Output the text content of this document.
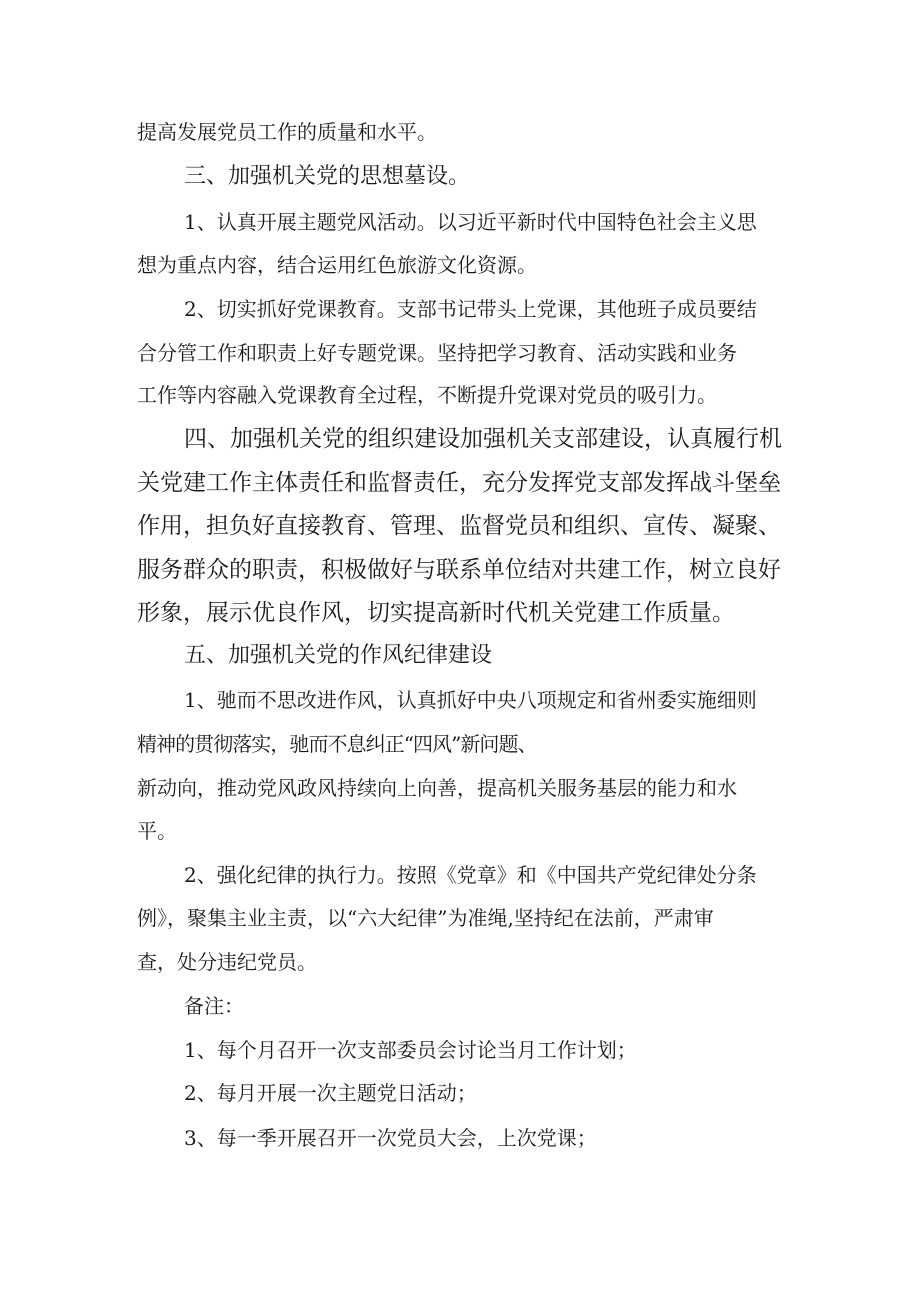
提高发展党员工作的质量和水平。
三、加强机关党的思想墓设。
1、认真开展主题党风活动。以习近平新时代中国特色社会主义思
想为重点内容，结合运用红色旅游文化资源。
2、切实抓好党课教育。支部书记带头上党课，其他班子成员要结
合分管工作和职责上好专题党课。坚持把学习教育、活动实践和业务
工作等内容融入党课教育全过程，不断提升党课对党员的吸引力。
四、加强机关党的组织建设加强机关支部建设，认真履行机
关党建工作主体责任和监督责任，充分发挥党支部发挥战斗堡垒
作用，担负好直接教育、管理、监督党员和组织、宣传、凝聚、
服务群众的职责，积极做好与联系单位结对共建工作，树立良好
形象，展示优良作风，切实提高新时代机关党建工作质量。
五、加强机关党的作风纪律建设
1、驰而不思改进作风，认真抓好中央八项规定和省州委实施细则
精神的贯彻落实，驰而不息纠正“四风”新问题、
新动向，推动党风政风持续向上向善，提高机关服务基层的能力和水
平。
2、强化纪律的执行力。按照《党章》和《中国共产党纪律处分条
例》，聚集主业主责，以“六大纪律”为准绳,坚持纪在法前，严肃审
查，处分违纪党员。
备注：
1、每个月召开一次支部委员会讨论当月工作计划；
2、每月开展一次主题党日活动；
3、每一季开展召开一次党员大会，上次党课；
